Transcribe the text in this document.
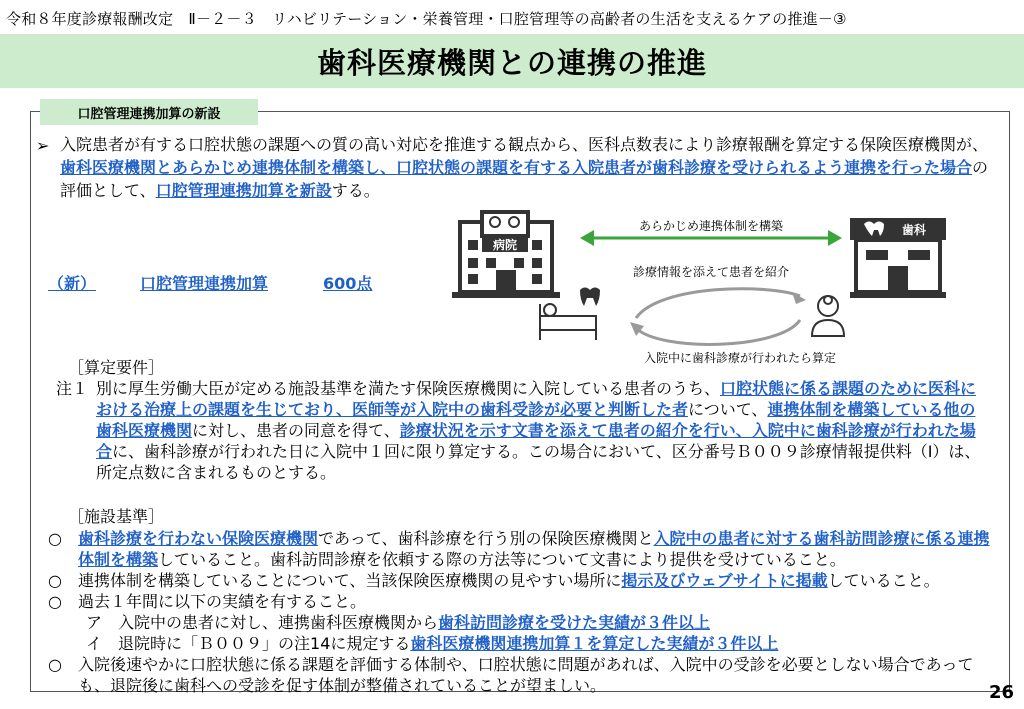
令和８年度診療報酬改定　Ⅱ－２－３　リハビリテーション・栄養管理・口腔管理等の高齢者の生活を支えるケアの推進－③
歯科医療機関との連携の推進
口腔管理連携加算の新設
➢ 入院患者が有する口腔状態の課題への質の高い対応を推進する観点から、医科点数表により診療報酬を算定する保険医療機関が、歯科医療機関とあらかじめ連携体制を構築し、口腔状態の課題を有する入院患者が歯科診療を受けられるよう連携を行った場合の評価として、口腔管理連携加算を新設する。
（新）	口腔管理連携加算	600点
病院
あらかじめ連携体制を構築
診療情報を添えて患者を紹介
歯科
入院中に歯科診療が行われたら算定
［算定要件］
注１ 別に厚生労働大臣が定める施設基準を満たす保険医療機関に入院している患者のうち、口腔状態に係る課題のために医科における治療上の課題を生じており、医師等が入院中の歯科受診が必要と判断した者について、連携体制を構築している他の歯科医療機関に対し、患者の同意を得て、診療状況を示す文書を添えて患者の紹介を行い、入院中に歯科診療が行われた場合に、歯科診療が行われた日に入院中１回に限り算定する。この場合において、区分番号Ｂ００９診療情報提供料（Ⅰ）は、所定点数に含まれるものとする。
［施設基準］
○	歯科診療を行わない保険医療機関であって、歯科診療を行う別の保険医療機関と入院中の患者に対する歯科訪問診療に係る連携体制を構築していること。歯科訪問診療を依頼する際の方法等について文書により提供を受けていること。
○	連携体制を構築していることについて、当該保険医療機関の見やすい場所に掲示及びウェブサイトに掲載していること。
○	過去１年間に以下の実績を有すること。
ア　 入院中の患者に対し、連携歯科医療機関から歯科訪問診療を受けた実績が３件以上
イ　 退院時に「Ｂ００９」の注14に規定する歯科医療機関連携加算１を算定した実績が３件以上
○	入院後速やかに口腔状態に係る課題を評価する体制や、口腔状態に問題があれば、入院中の受診を必要としない場合であっても、退院後に歯科への受診を促す体制が整備されていることが望ましい。	26
